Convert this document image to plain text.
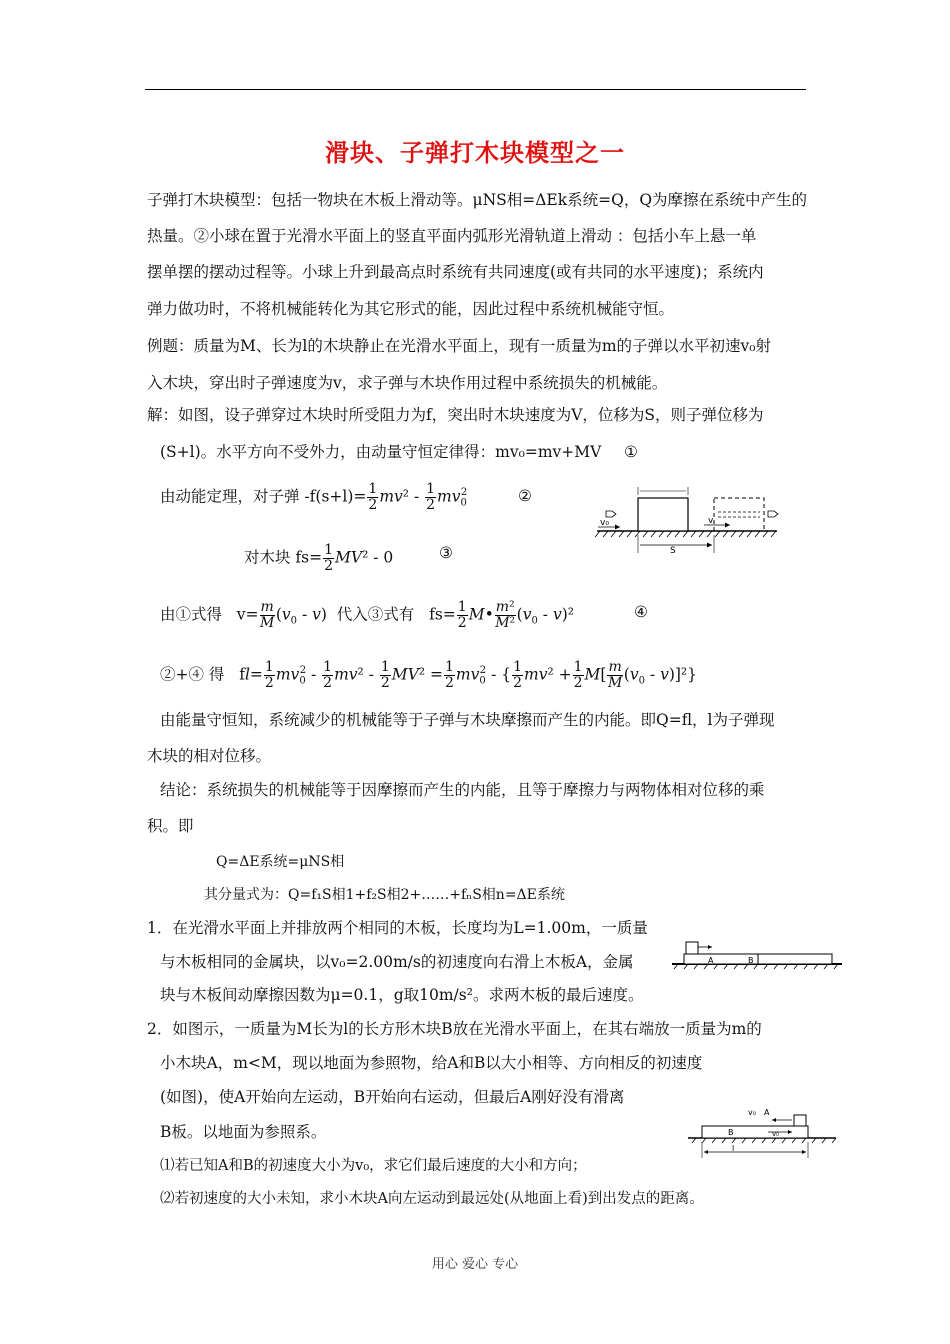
滑块、子弹打木块模型之一
子弹打木块模型：包括一物块在木板上滑动等。μNS相=ΔEk系统=Q，Q为摩擦在系统中产生的
热量。②小球在置于光滑水平面上的竖直平面内弧形光滑轨道上滑动 ：包括小车上悬一单
摆单摆的摆动过程等。小球上升到最高点时系统有共同速度(或有共同的水平速度)；系统内
弹力做功时，不将机械能转化为其它形式的能，因此过程中系统机械能守恒。
例题：质量为M、长为l的木块静止在光滑水平面上，现有一质量为m的子弹以水平初速v₀射
入木块，穿出时子弹速度为v，求子弹与木块作用过程中系统损失的机械能。
解：如图，设子弹穿过木块时所受阻力为f，突出时木块速度为V，位移为S，则子弹位移为
(S+l)。水平方向不受外力，由动量守恒定律得：mv₀=mv+MV ①
由动能定理，对子弹 $-f(s+l)= \frac{1}{2} mv^2 - \frac{1}{2} mv_0^2$	②
对木块 $fs= \frac{1}{2} MV^2 - 0$	③
由①式得   $v= \frac{m}{M} (v_0 - v)$  代入③式有   $fs= \frac{1}{2}$ M• $\frac{\text{m²}}{\text{M²}} (v_0 - v)^2$	④
②+④ 得   $fl= \frac{1}{2} mv_0^2 - \frac{1}{2} mv^2 - \frac{1}{2} MV^2 = \frac{1}{2} mv_0^2$ - { $\frac{1}{2} mv^2 + \frac{1}{2} M[ \frac{m}{M} (v_0 - v)]^2$}
由能量守恒知，系统减少的机械能等于子弹与木块摩擦而产生的内能。即Q=fl，l为子弹现
木块的相对位移。
结论：系统损失的机械能等于因摩擦而产生的内能，且等于摩擦力与两物体相对位移的乘
积。即
Q=ΔE系统=μNS相
其分量式为：Q=f₁S相1+f₂S相2+……+fₙS相n=ΔE系统
1．在光滑水平面上并排放两个相同的木板，长度均为L=1.00m，一质量
与木板相同的金属块，以v₀=2.00m/s的初速度向右滑上木板A，金属
块与木板间动摩擦因数为μ=0.1，g取10m/s²。求两木板的最后速度。
2．如图示，一质量为M长为l的长方形木块B放在光滑水平面上，在其右端放一质量为m的
小木块A，m<M，现以地面为参照物，给A和B以大小相等、方向相反的初速度
(如图)，使A开始向左运动，B开始向右运动，但最后A刚好没有滑离
B板。以地面为参照系。
⑴若已知A和B的初速度大小为v₀，求它们最后速度的大小和方向；
⑵若初速度的大小未知，求小木块A向左运动到最远处(从地面上看)到出发点的距离。
v₀	v
S
A	B
v₀ A
B	v₀
l
用心 爱心 专心
